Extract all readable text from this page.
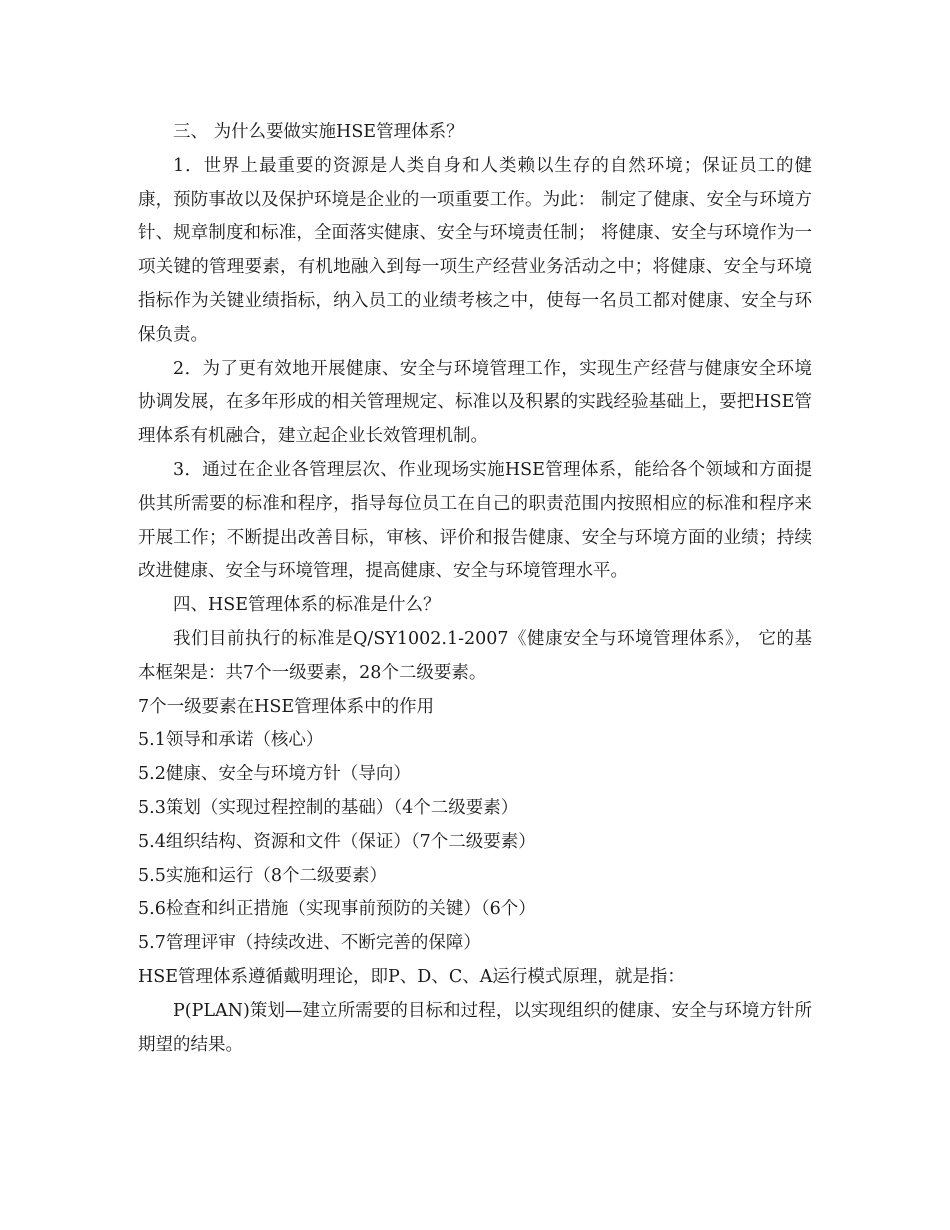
三、 为什么要做实施HSE管理体系？

1．世界上最重要的资源是人类自身和人类赖以生存的自然环境；保证员工的健康，预防事故以及保护环境是企业的一项重要工作。为此： 制定了健康、安全与环境方针、规章制度和标准，全面落实健康、安全与环境责任制； 将健康、安全与环境作为一项关键的管理要素，有机地融入到每一项生产经营业务活动之中；将健康、安全与环境指标作为关键业绩指标，纳入员工的业绩考核之中，使每一名员工都对健康、安全与环保负责。

2．为了更有效地开展健康、安全与环境管理工作，实现生产经营与健康安全环境协调发展，在多年形成的相关管理规定、标准以及积累的实践经验基础上，要把HSE管理体系有机融合，建立起企业长效管理机制。

3．通过在企业各管理层次、作业现场实施HSE管理体系，能给各个领域和方面提供其所需要的标准和程序，指导每位员工在自己的职责范围内按照相应的标准和程序来开展工作；不断提出改善目标，审核、评价和报告健康、安全与环境方面的业绩；持续改进健康、安全与环境管理，提高健康、安全与环境管理水平。

四、HSE管理体系的标准是什么？

我们目前执行的标准是Q/SY1002.1-2007《健康安全与环境管理体系》， 它的基本框架是：共7个一级要素，28个二级要素。

7个一级要素在HSE管理体系中的作用

5.1领导和承诺（核心）

5.2健康、安全与环境方针（导向）

5.3策划（实现过程控制的基础）（4个二级要素）

5.4组织结构、资源和文件（保证）（7个二级要素）

5.5实施和运行（8个二级要素）

5.6检查和纠正措施（实现事前预防的关键）（6个）

5.7管理评审（持续改进、不断完善的保障）

HSE管理体系遵循戴明理论，即P、D、C、A运行模式原理，就是指：

P(PLAN)策划—建立所需要的目标和过程，以实现组织的健康、安全与环境方针所期望的结果。
